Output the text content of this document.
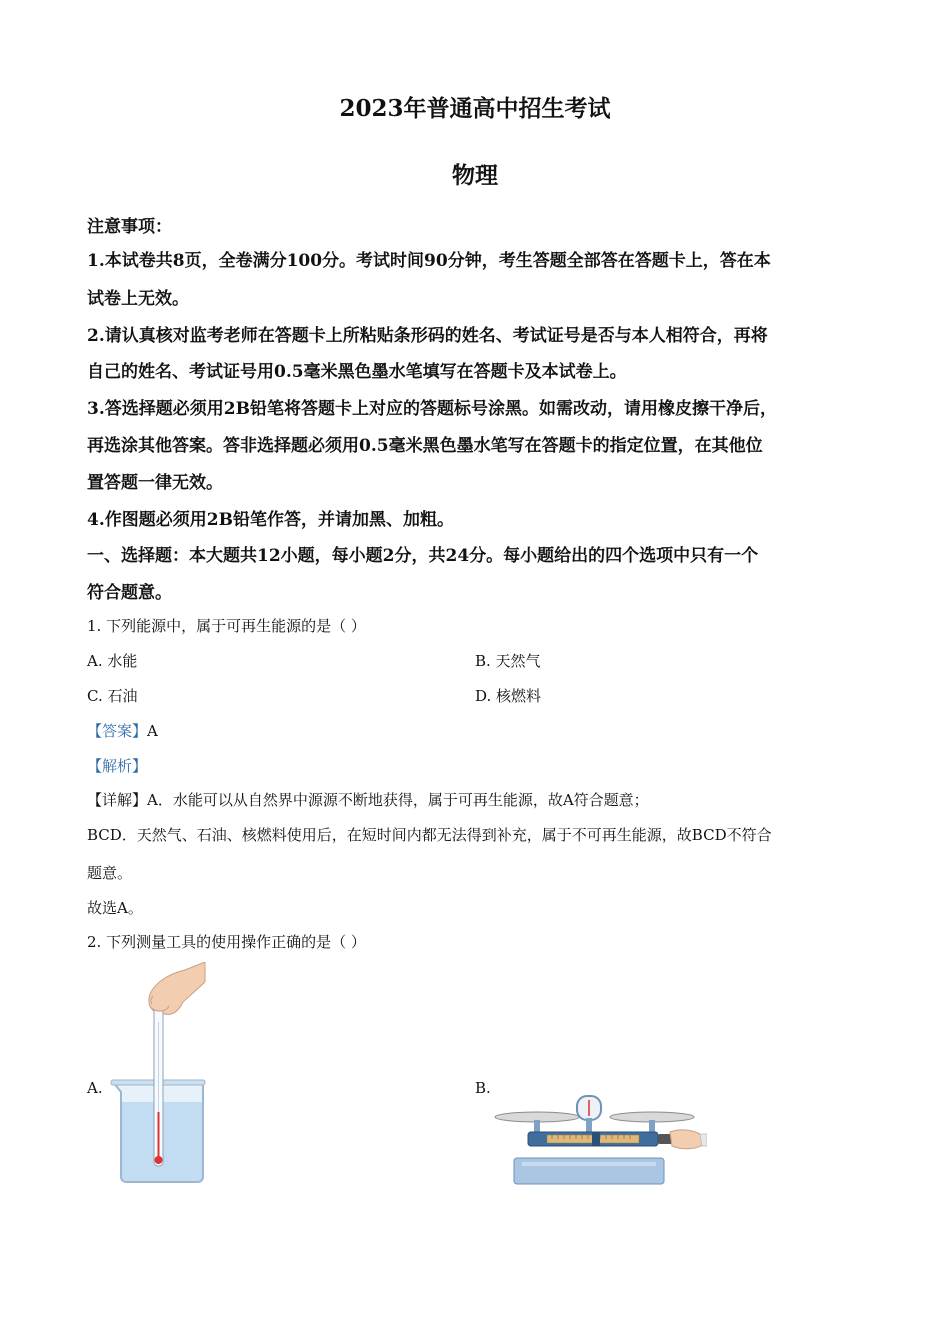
2023年普通高中招生考试
物理
注意事项：
1.本试卷共8页，全卷满分100分。考试时间90分钟，考生答题全部答在答题卡上，答在本
试卷上无效。
2.请认真核对监考老师在答题卡上所粘贴条形码的姓名、考试证号是否与本人相符合，再将
自己的姓名、考试证号用0.5毫米黑色墨水笔填写在答题卡及本试卷上。
3.答选择题必须用2B铅笔将答题卡上对应的答题标号涂黑。如需改动，请用橡皮擦干净后，
再选涂其他答案。答非选择题必须用0.5毫米黑色墨水笔写在答题卡的指定位置，在其他位
置答题一律无效。
4.作图题必须用2B铅笔作答，并请加黑、加粗。
一、选择题：本大题共12小题，每小题2分，共24分。每小题给出的四个选项中只有一个
符合题意。
1. 下列能源中，属于可再生能源的是（ ）
A. 水能	B. 天然气
C. 石油	D. 核燃料
【答案】A
【解析】
【详解】A．水能可以从自然界中源源不断地获得，属于可再生能源，故A符合题意；
BCD．天然气、石油、核燃料使用后，在短时间内都无法得到补充，属于不可再生能源，故BCD不符合
题意。
故选A。
2. 下列测量工具的使用操作正确的是（ ）
A.	B.
